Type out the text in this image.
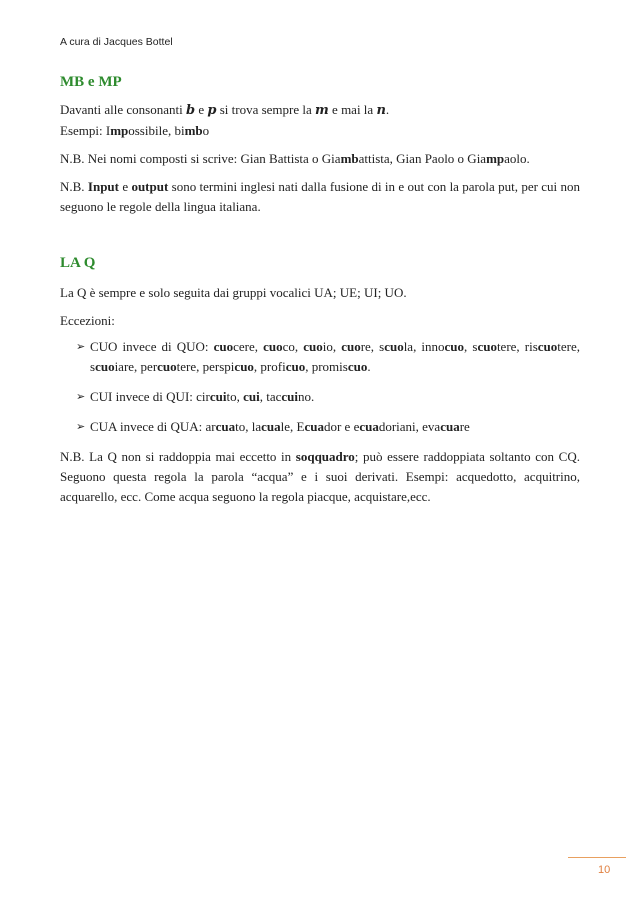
A cura di Jacques Bottel
MB e MP

Davanti alle consonanti b e p si trova sempre la m e mai la n.

Esempi: Impossibile, bimbo

N.B. Nei nomi composti si scrive: Gian Battista o Giambattista, Gian Paolo o Giampaolo.

N.B. Input e output sono termini inglesi nati dalla fusione di in e out con la parola put, per cui non seguono le regole della lingua italiana.

LA Q

La Q è sempre e solo seguita dai gruppi vocalici UA; UE; UI; UO.

Eccezioni:

➢ CUO invece di QUO: cuocere, cuoco, cuoio, cuore, scuola, innocuo, scuotere, riscuotere, scuoiare, percuotere, perspicuo, proficuo, promiscuo.
➢ CUI invece di QUI: circuito, cui, taccuino.
➢ CUA invece di QUA: arcuato, lacuale, Ecuador e ecuadoriani, evacuare

N.B. La Q non si raddoppia mai eccetto in soqquadro; può essere raddoppiata soltanto con CQ. Seguono questa regola la parola “acqua” e i suoi derivati. Esempi: acquedotto, acquitrino, acquarello, ecc. Come acqua seguono la regola piacque, acquistare,ecc.

10
